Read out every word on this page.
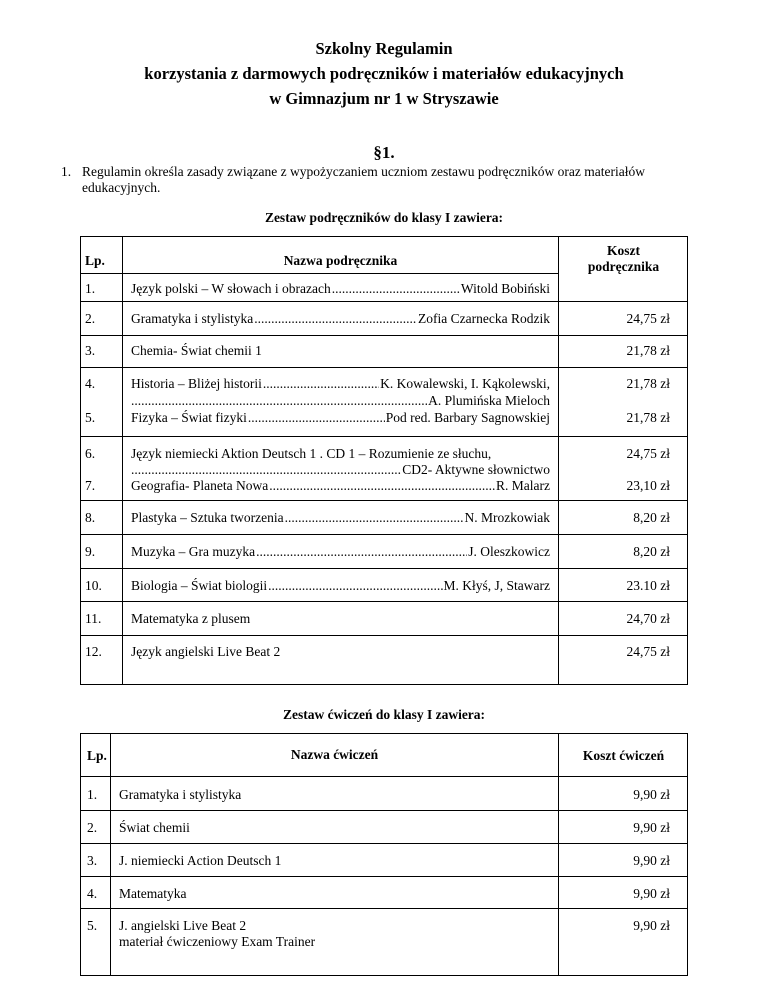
Szkolny Regulamin
korzystania z darmowych podręczników i materiałów edukacyjnych
w Gimnazjum nr 1 w Stryszawie
§1.
1. Regulamin określa zasady związane z wypożyczaniem uczniom zestawu podręczników oraz materiałów edukacyjnych.
Zestaw podręczników do klasy I zawiera:
Lp.	Nazwa podręcznika
Koszt
podręcznika
1.	Język polski – W słowach i obrazach .....	Witold Bobiński
2.	Gramatyka i stylistyka .....	Zofia Czarnecka Rodzik	24,75 zł
3.	Chemia- Świat chemii 1	21,78 zł
4.	Historia – Bliżej historii .....	K. Kowalewski, I. Kąkolewski,
.....
A. Plumińska Mieloch
21,78 zł
5.	Fizyka – Świat fizyki .....	Pod red. Barbary Sagnowskiej	21,78 zł
6.	Język niemiecki Aktion Deutsch 1 . CD 1 – Rozumienie ze słuchu,
.....
CD2- Aktywne słownictwo
24,75 zł
7.	Geografia- Planeta Nowa .....	R. Malarz	23,10 zł
8.	Plastyka – Sztuka tworzenia .....	N. Mrozkowiak	8,20 zł
9.	Muzyka – Gra muzyka .....	J. Oleszkowicz	8,20 zł
10. Biologia – Świat biologii .....	M. Kłyś, J, Stawarz	23.10 zł
11. Matematyka z plusem	24,70 zł
12. Język angielski Live Beat 2	24,75 zł
Zestaw ćwiczeń do klasy I zawiera:
Lp.	Nazwa ćwiczeń	Koszt ćwiczeń
1. Gramatyka i stylistyka	9,90 zł
2. Świat chemii	9,90 zł
3. J. niemiecki Action Deutsch 1	9,90 zł
4. Matematyka	9,90 zł
5. J. angielski Live Beat 2
materiał ćwiczeniowy Exam Trainer
9,90 zł
